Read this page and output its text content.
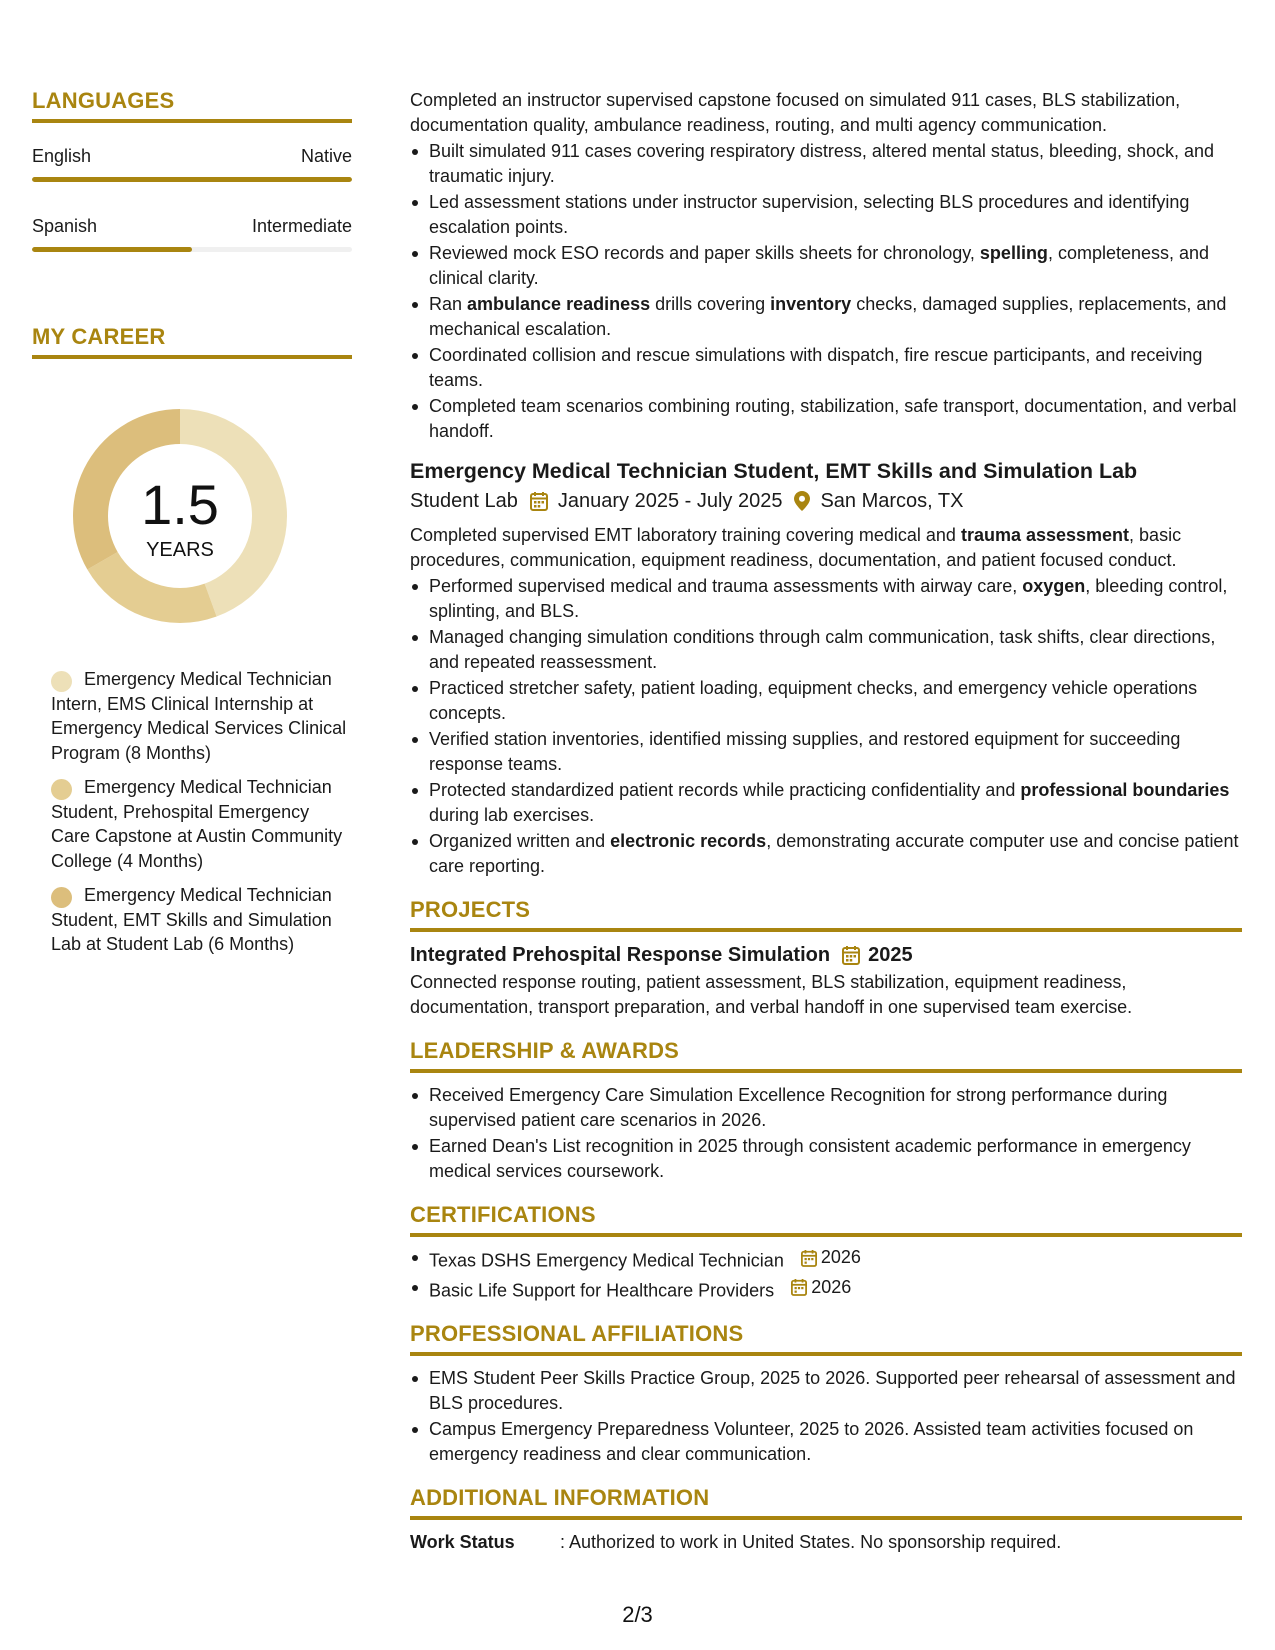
LANGUAGES
English	Native
Spanish	Intermediate
MY CAREER
1.5
YEARS
Emergency Medical Technician Intern, EMS Clinical Internship at Emergency Medical Services Clinical Program (8 Months)
Emergency Medical Technician Student, Prehospital Emergency Care Capstone at Austin Community College (4 Months)
Emergency Medical Technician Student, EMT Skills and Simulation Lab at Student Lab (6 Months)

Completed an instructor supervised capstone focused on simulated 911 cases, BLS stabilization, documentation quality, ambulance readiness, routing, and multi agency communication.

Built simulated 911 cases covering respiratory distress, altered mental status, bleeding, shock, and traumatic injury.
Led assessment stations under instructor supervision, selecting BLS procedures and identifying escalation points.
Reviewed mock ESO records and paper skills sheets for chronology, spelling, completeness, and clinical clarity.
Ran ambulance readiness drills covering inventory checks, damaged supplies, replacements, and mechanical escalation.
Coordinated collision and rescue simulations with dispatch, fire rescue participants, and receiving teams.
Completed team scenarios combining routing, stabilization, safe transport, documentation, and verbal handoff.
Emergency Medical Technician Student, EMT Skills and Simulation Lab
Student Lab January 2025 - July 2025 San Marcos, TX

Completed supervised EMT laboratory training covering medical and trauma assessment, basic procedures, communication, equipment readiness, documentation, and patient focused conduct.

Performed supervised medical and trauma assessments with airway care, oxygen, bleeding control, splinting, and BLS.
Managed changing simulation conditions through calm communication, task shifts, clear directions, and repeated reassessment.
Practiced stretcher safety, patient loading, equipment checks, and emergency vehicle operations concepts.
Verified station inventories, identified missing supplies, and restored equipment for succeeding response teams.
Protected standardized patient records while practicing confidentiality and professional boundaries during lab exercises.
Organized written and electronic records, demonstrating accurate computer use and concise patient care reporting.
PROJECTS
Integrated Prehospital Response Simulation 2025

Connected response routing, patient assessment, BLS stabilization, equipment readiness, documentation, transport preparation, and verbal handoff in one supervised team exercise.

LEADERSHIP & AWARDS
Received Emergency Care Simulation Excellence Recognition for strong performance during supervised patient care scenarios in 2026.
Earned Dean's List recognition in 2025 through consistent academic performance in emergency medical services coursework.
CERTIFICATIONS
Texas DSHS Emergency Medical Technician 2026
Basic Life Support for Healthcare Providers 2026
PROFESSIONAL AFFILIATIONS
EMS Student Peer Skills Practice Group, 2025 to 2026. Supported peer rehearsal of assessment and BLS procedures.
Campus Emergency Preparedness Volunteer, 2025 to 2026. Assisted team activities focused on emergency readiness and clear communication.
ADDITIONAL INFORMATION
Work Status	: Authorized to work in United States. No sponsorship required.
2/3
